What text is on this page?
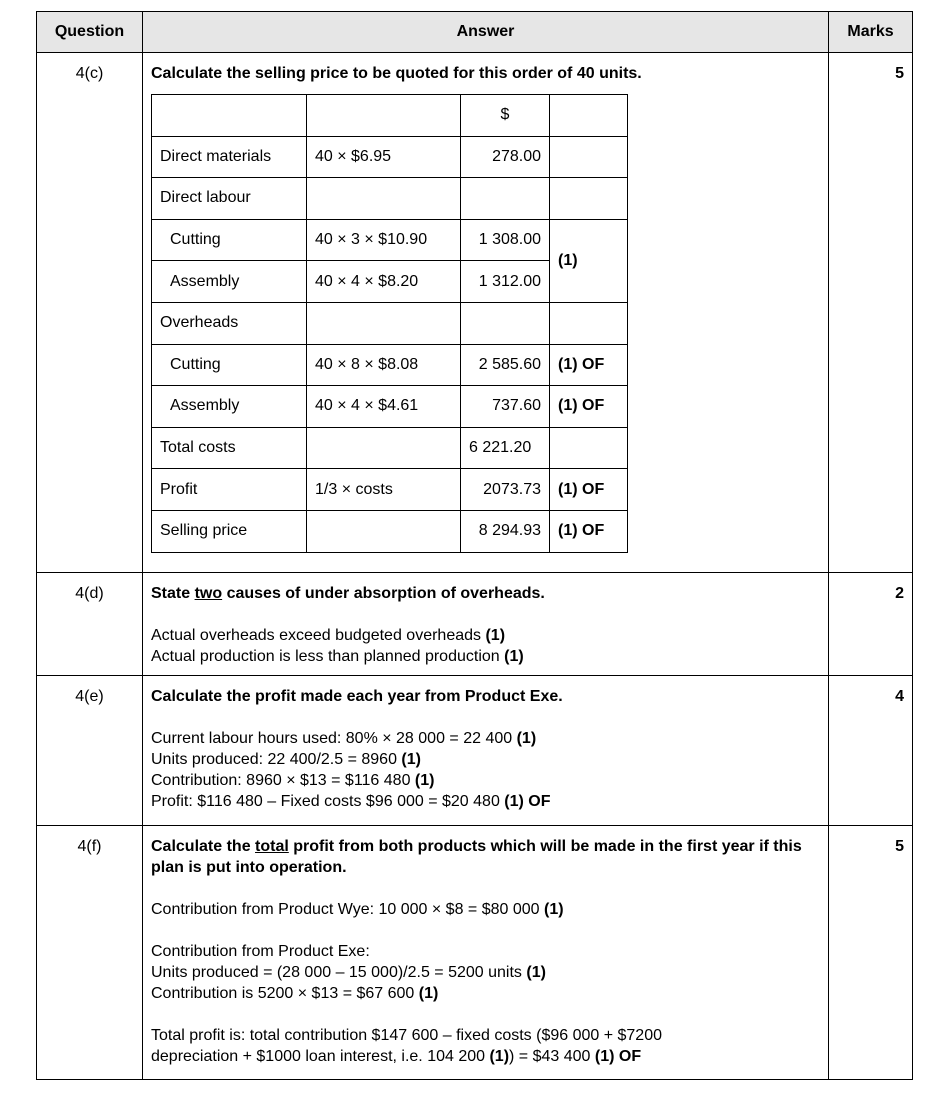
Question	Answer	Marks
4(c)	Calculate the selling price to be quoted for this order of 40 units.
		$	
Direct materials	40 × $6.95	278.00	
Direct labour			
Cutting	40 × 3 × $10.90	1 308.00	(1)
Assembly	40 × 4 × $8.20	1 312.00
Overheads			
Cutting	40 × 8 × $8.08	2 585.60	(1) OF
Assembly	40 × 4 × $4.61	737.60	(1) OF
Total costs		6 221.20	
Profit	1/3 × costs	2073.73	(1) OF
Selling price		8 294.93	(1) OF
	5
4(d)	State two causes of under absorption of overheads.
Actual overheads exceed budgeted overheads (1)
Actual production is less than planned production (1)
	2
4(e)	Calculate the profit made each year from Product Exe.
Current labour hours used: 80% × 28 000 = 22 400 (1)
Units produced: 22 400/2.5 = 8960 (1)
Contribution: 8960 × $13 = $116 480 (1)
Profit: $116 480 – Fixed costs $96 000 = $20 480 (1) OF
	4
4(f)	Calculate the total profit from both products which will be made in the first year if this plan is put into operation.
Contribution from Product Wye: 10 000 × $8 = $80 000 (1)
Contribution from Product Exe:
Units produced = (28 000 – 15 000)/2.5 = 5200 units (1)
Contribution is 5200 × $13 = $67 600 (1)
Total profit is: total contribution $147 600 – fixed costs ($96 000 + $7200
depreciation + $1000 loan interest, i.e. 104 200 (1)) = $43 400 (1) OF
	5
